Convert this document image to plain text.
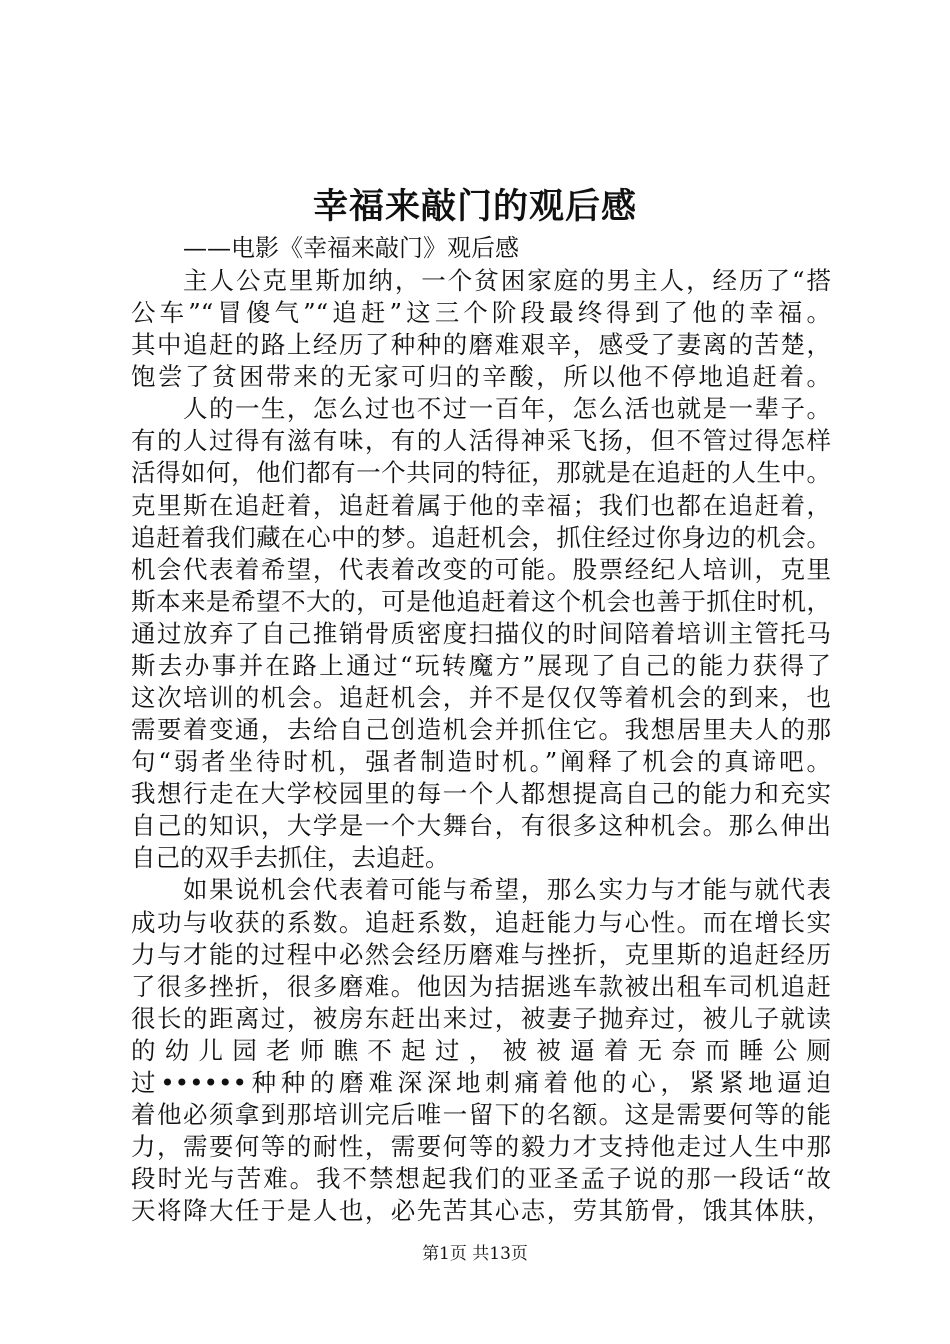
幸福来敲门的观后感
——电影《幸福来敲门》观后感
主人公克里斯加纳，一个贫困家庭的男主人，经历了“搭
公车”“冒傻气”“追赶”这三个阶段最终得到了他的幸福。
其中追赶的路上经历了种种的磨难艰辛，感受了妻离的苦楚，
饱尝了贫困带来的无家可归的辛酸，所以他不停地追赶着。
人的一生，怎么过也不过一百年，怎么活也就是一辈子。
有的人过得有滋有味，有的人活得神采飞扬，但不管过得怎样
活得如何，他们都有一个共同的特征，那就是在追赶的人生中。
克里斯在追赶着，追赶着属于他的幸福；我们也都在追赶着，
追赶着我们藏在心中的梦。追赶机会，抓住经过你身边的机会。
机会代表着希望，代表着改变的可能。股票经纪人培训，克里
斯本来是希望不大的，可是他追赶着这个机会也善于抓住时机，
通过放弃了自己推销骨质密度扫描仪的时间陪着培训主管托马
斯去办事并在路上通过“玩转魔方”展现了自己的能力获得了
这次培训的机会。追赶机会，并不是仅仅等着机会的到来，也
需要着变通，去给自己创造机会并抓住它。我想居里夫人的那
句“弱者坐待时机，强者制造时机。”阐释了机会的真谛吧。
我想行走在大学校园里的每一个人都想提高自己的能力和充实
自己的知识，大学是一个大舞台，有很多这种机会。那么伸出
自己的双手去抓住，去追赶。
如果说机会代表着可能与希望，那么实力与才能与就代表
成功与收获的系数。追赶系数，追赶能力与心性。而在增长实
力与才能的过程中必然会经历磨难与挫折，克里斯的追赶经历
了很多挫折，很多磨难。他因为拮据逃车款被出租车司机追赶
很长的距离过，被房东赶出来过，被妻子抛弃过，被儿子就读
的幼儿园老师瞧不起过，被被逼着无奈而睡公厕
过••••••种种的磨难深深地刺痛着他的心，紧紧地逼迫
着他必须拿到那培训完后唯一留下的名额。这是需要何等的能
力，需要何等的耐性，需要何等的毅力才支持他走过人生中那
段时光与苦难。我不禁想起我们的亚圣孟子说的那一段话“故
天将降大任于是人也，必先苦其心志，劳其筋骨，饿其体肤，
第1页 共13页
